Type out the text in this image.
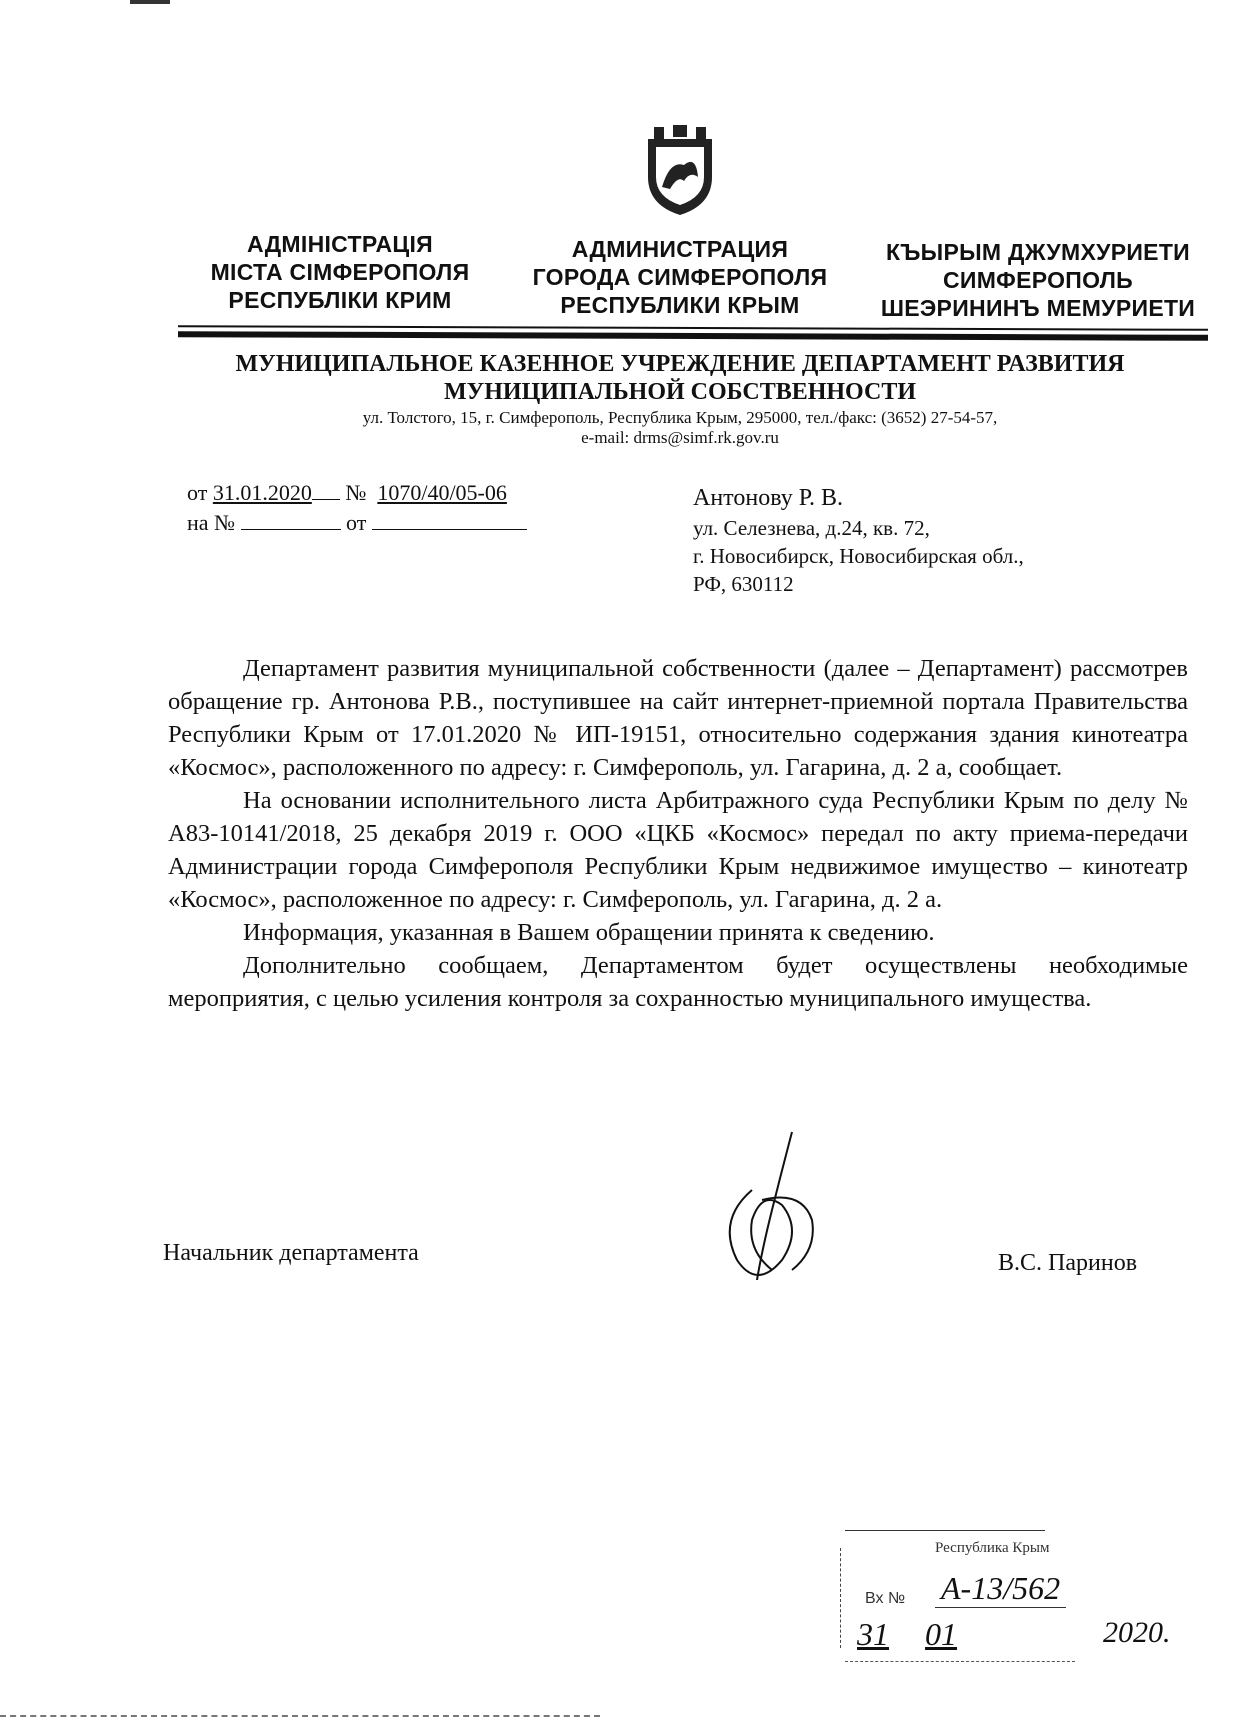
АДМІНІСТРАЦІЯ
МІСТА СІМФЕРОПОЛЯ
РЕСПУБЛІКИ КРИМ
АДМИНИСТРАЦИЯ
ГОРОДА СИМФЕРОПОЛЯ
РЕСПУБЛИКИ КРЫМ
КЪЫРЫМ ДЖУМХУРИЕТИ
СИМФЕРОПОЛЬ
ШЕЭРИНИНЪ МЕМУРИЕТИ
МУНИЦИПАЛЬНОЕ КАЗЕННОЕ УЧРЕЖДЕНИЕ ДЕПАРТАМЕНТ РАЗВИТИЯ
МУНИЦИПАЛЬНОЙ СОБСТВЕННОСТИ
ул. Толстого, 15, г. Симферополь, Республика Крым, 295000, тел./факс: (3652) 27-54-57,
e-mail: drms@simf.rk.gov.ru
от 31.01.2020 № 1070/40/05-06
на №	от
Антонову Р. В.
ул. Селезнева, д.24, кв. 72,
г. Новосибирск, Новосибирская обл.,
РФ, 630112

Департамент развития муниципальной собственности (далее – Департамент) рассмотрев обращение гр. Антонова Р.В., поступившее на сайт интернет-приемной портала Правительства Республики Крым от 17.01.2020 № ИП-19151, относительно содержания здания кинотеатра «Космос», расположенного по адресу: г. Симферополь, ул. Гагарина, д. 2 а, сообщает.

На основании исполнительного листа Арбитражного суда Республики Крым по делу № А83-10141/2018, 25 декабря 2019 г. ООО «ЦКБ «Космос» передал по акту приема-передачи Администрации города Симферополя Республики Крым недвижимое имущество – кинотеатр «Космос», расположенное по адресу: г. Симферополь, ул. Гагарина, д. 2 а.

Информация, указанная в Вашем обращении принята к сведению.

Дополнительно сообщаем, Департаментом будет осуществлены необходимые мероприятия, с целью усиления контроля за сохранностью муниципального имущества.

Начальник департамента	В.С. Паринов
Республика Крым
Вх № А-13/562
31 01	2020.
